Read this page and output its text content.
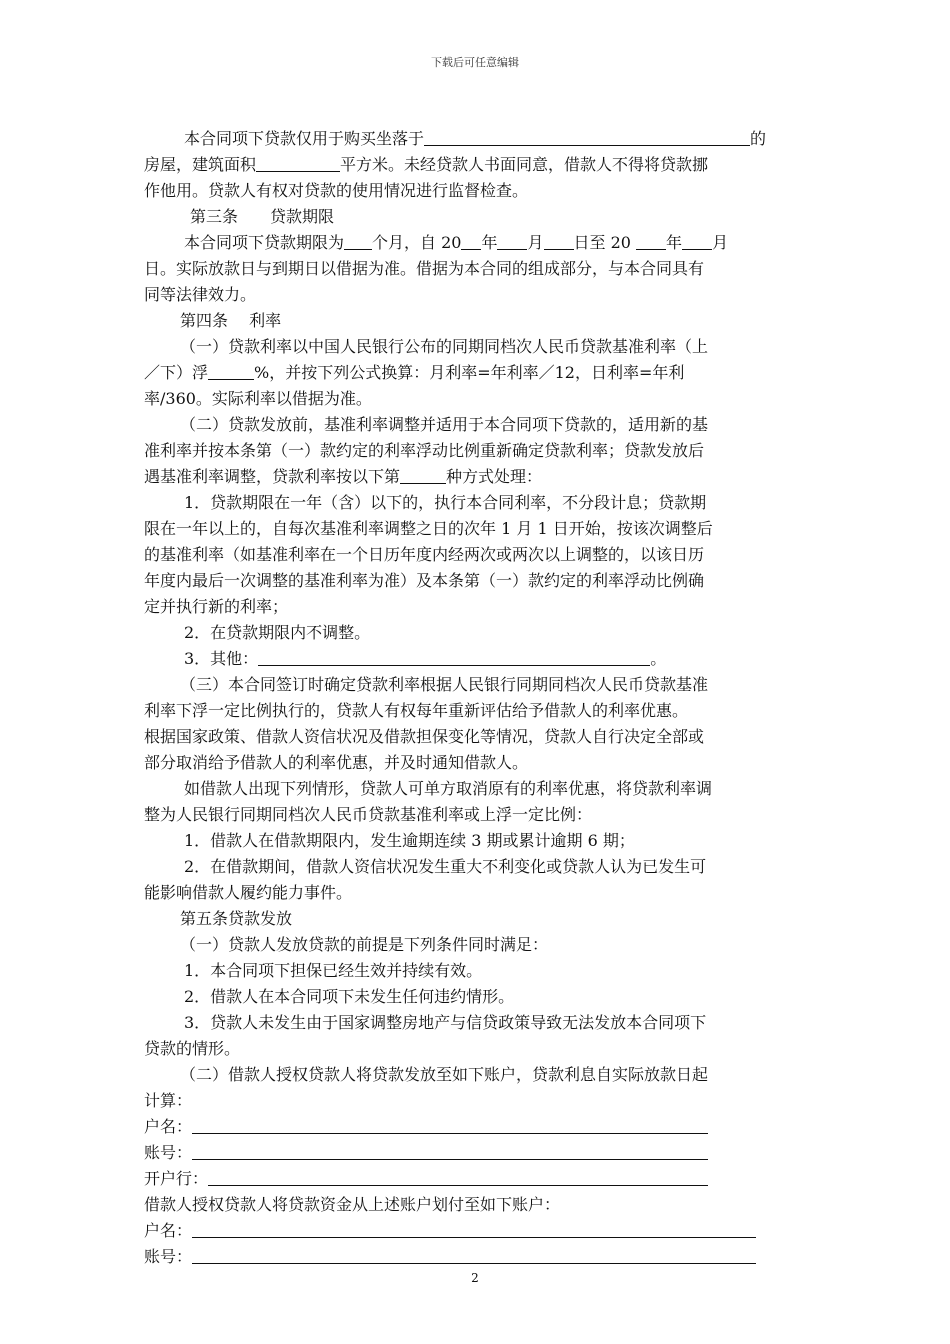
下载后可任意编辑
本合同项下贷款仅用于购买坐落于	的
房屋，建筑面积	平方米。未经贷款人书面同意，借款人不得将贷款挪
作他用。贷款人有权对贷款的使用情况进行监督检查。
第三条　　贷款期限
本合同项下贷款期限为 个月，自 20 年 月 日至 20 年 月
日。实际放款日与到期日以借据为准。借据为本合同的组成部分，与本合同具有
同等法律效力。
第四条　 利率
（一）贷款利率以中国人民银行公布的同期同档次人民币贷款基准利率（上
／下）浮	%，并按下列公式换算：月利率=年利率／12，日利率=年利
率/360。实际利率以借据为准。
（二）贷款发放前，基准利率调整并适用于本合同项下贷款的，适用新的基
准利率并按本条第（一）款约定的利率浮动比例重新确定贷款利率；贷款发放后
遇基准利率调整，贷款利率按以下第	种方式处理：
1．贷款期限在一年（含）以下的，执行本合同利率，不分段计息；贷款期
限在一年以上的，自每次基准利率调整之日的次年 1 月 1 日开始，按该次调整后
的基准利率（如基准利率在一个日历年度内经两次或两次以上调整的，以该日历
年度内最后一次调整的基准利率为准）及本条第（一）款约定的利率浮动比例确
定并执行新的利率；
2．在贷款期限内不调整。
3．其他：	。
（三）本合同签订时确定贷款利率根据人民银行同期同档次人民币贷款基准
利率下浮一定比例执行的，贷款人有权每年重新评估给予借款人的利率优惠。
根据国家政策、借款人资信状况及借款担保变化等情况，贷款人自行决定全部或
部分取消给予借款人的利率优惠，并及时通知借款人。
如借款人出现下列情形，贷款人可单方取消原有的利率优惠，将贷款利率调
整为人民银行同期同档次人民币贷款基准利率或上浮一定比例：
1．借款人在借款期限内，发生逾期连续 3 期或累计逾期 6 期；
2．在借款期间，借款人资信状况发生重大不利变化或贷款人认为已发生可
能影响借款人履约能力事件。
第五条贷款发放
（一）贷款人发放贷款的前提是下列条件同时满足：
1．本合同项下担保已经生效并持续有效。
2．借款人在本合同项下未发生任何违约情形。
3．贷款人未发生由于国家调整房地产与信贷政策导致无法发放本合同项下
贷款的情形。
（二）借款人授权贷款人将贷款发放至如下账户，贷款利息自实际放款日起
计算：
户名：
账号：
开户行：
借款人授权贷款人将贷款资金从上述账户划付至如下账户：
户名：
账号：
2
